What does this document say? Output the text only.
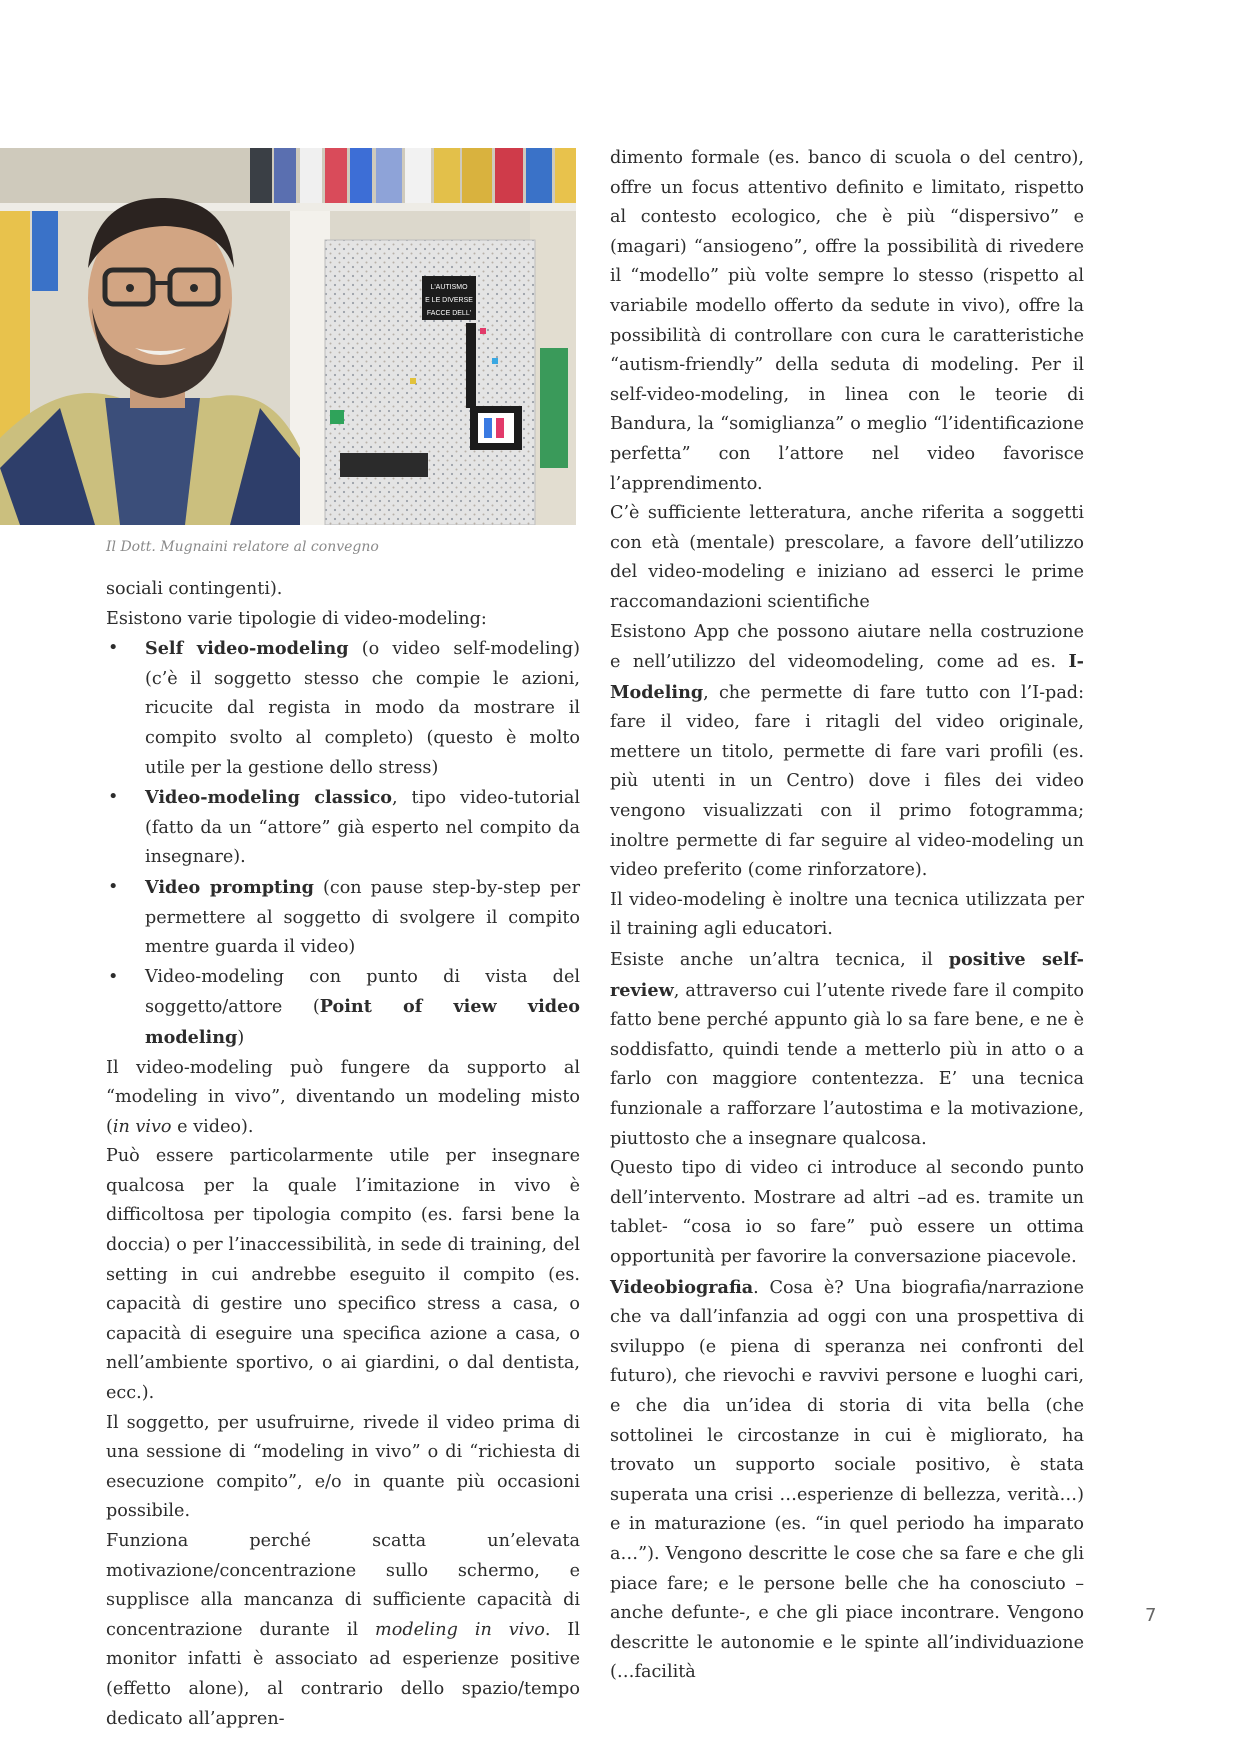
L'AUTISMO
E LE DIVERSE
FACCE DELL'

Il Dott. Mugnaini relatore al convegno

sociali contingenti).

Esistono varie tipologie di video-modeling:

• Self video-modeling (o video self-modeling) (c’è il soggetto stesso che compie le azioni, ricucite dal regista in modo da mostrare il compito svolto al completo) (questo è molto utile per la gestione dello stress)
• Video-modeling classico, tipo video-tutorial (fatto da un “attore” già esperto nel compito da insegnare).
• Video prompting (con pause step-by-step per permettere al soggetto di svolgere il compito mentre guarda il video)
• Video-modeling con punto di vista del soggetto/attore (Point of view video modeling)

Il video-modeling può fungere da supporto al “modeling in vivo”, diventando un modeling misto (in vivo e video).

Può essere particolarmente utile per insegnare qualcosa per la quale l’imitazione in vivo è difficoltosa per tipologia compito (es. farsi bene la doccia) o per l’inaccessibilità, in sede di training, del setting in cui andrebbe eseguito il compito (es. capacità di gestire uno specifico stress a casa, o capacità di eseguire una specifica azione a casa, o nell’ambiente sportivo, o ai giardini, o dal dentista, ecc.).

Il soggetto, per usufruirne, rivede il video prima di una sessione di “modeling in vivo” o di “richiesta di esecuzione compito”, e/o in quante più occasioni possibile.

Funziona perché scatta un’elevata motivazione/concentrazione sullo schermo, e supplisce alla mancanza di sufficiente capacità di concentrazione durante il modeling in vivo. Il monitor infatti è associato ad esperienze positive (effetto alone), al contrario dello spazio/tempo dedicato all’appren-

dimento formale (es. banco di scuola o del centro), offre un focus attentivo definito e limitato, rispetto al contesto ecologico, che è più “dispersivo” e (magari) “ansiogeno”, offre la possibilità di rivedere il “modello” più volte sempre lo stesso (rispetto al variabile modello offerto da sedute in vivo), offre la possibilità di controllare con cura le caratteristiche “autism-friendly” della seduta di modeling. Per il self-video-modeling, in linea con le teorie di Bandura, la “somiglianza” o meglio “l’identificazione perfetta” con l’attore nel video favorisce l’apprendimento.

C’è sufficiente letteratura, anche riferita a soggetti con età (mentale) prescolare, a favore dell’utilizzo del video-modeling e iniziano ad esserci le prime raccomandazioni scientifiche

Esistono App che possono aiutare nella costruzione e nell’utilizzo del videomodeling, come ad es. I-Modeling, che permette di fare tutto con l’I-pad: fare il video, fare i ritagli del video originale, mettere un titolo, permette di fare vari profili (es. più utenti in un Centro) dove i files dei video vengono visualizzati con il primo fotogramma; inoltre permette di far seguire al video-modeling un video preferito (come rinforzatore).

Il video-modeling è inoltre una tecnica utilizzata per il training agli educatori.

Esiste anche un’altra tecnica, il positive self-review, attraverso cui l’utente rivede fare il compito fatto bene perché appunto già lo sa fare bene, e ne è soddisfatto, quindi tende a metterlo più in atto o a farlo con maggiore contentezza. E’ una tecnica funzionale a rafforzare l’autostima e la motivazione, piuttosto che a insegnare qualcosa.

Questo tipo di video ci introduce al secondo punto dell’intervento. Mostrare ad altri –ad es. tramite un tablet- “cosa io so fare” può essere un ottima opportunità per favorire la conversazione piacevole.

Videobiografia. Cosa è? Una biografia/narrazione che va dall’infanzia ad oggi con una prospettiva di sviluppo (e piena di speranza nei confronti del futuro), che rievochi e ravvivi persone e luoghi cari, e che dia un’idea di storia di vita bella (che sottolinei le circostanze in cui è migliorato, ha trovato un supporto sociale positivo, è stata superata una crisi …esperienze di bellezza, verità…) e in maturazione (es. “in quel periodo ha imparato a…”). Vengono descritte le cose che sa fare e che gli piace fare; e le persone belle che ha conosciuto –anche defunte-, e che gli piace incontrare. Vengono descritte le autonomie e le spinte all’individuazione (…facilità

7
